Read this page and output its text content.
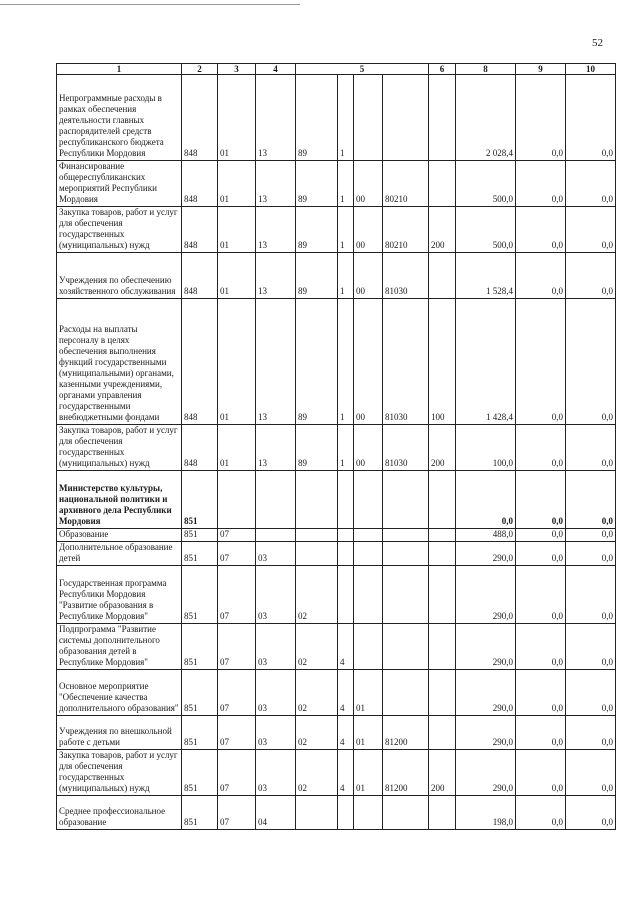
52
1	2	3	4	5				6	8	9	10
Непрограммные расходы в рамках обеспечения деятельности главных распорядителей средств республиканского бюджета Республики Мордовия	848	01	13	89	1				2 028,4	0,0	0,0
Финансирование общереспубликанских мероприятий Республики Мордовия	848	01	13	89	1	00	80210		500,0	0,0	0,0
Закупка товаров, работ и услуг для обеспечения государственных (муниципальных) нужд	848	01	13	89	1	00	80210	200	500,0	0,0	0,0
Учреждения по обеспечению хозяйственного обслуживания	848	01	13	89	1	00	81030		1 528,4	0,0	0,0
Расходы на выплаты персоналу в целях обеспечения выполнения функций государственными (муниципальными) органами, казенными учреждениями, органами управления государственными внебюджетными фондами	848	01	13	89	1	00	81030	100	1 428,4	0,0	0,0
Закупка товаров, работ и услуг для обеспечения государственных (муниципальных) нужд	848	01	13	89	1	00	81030	200	100,0	0,0	0,0
Министерство культуры, национальной политики и архивного дела Республики Мордовия	851								0,0	0,0	0,0
Образование	851	07							488,0	0,0	0,0
Дополнительное образование детей	851	07	03						290,0	0,0	0,0
Государственная программа Республики Мордовия "Развитие образования в Республике Мордовия"	851	07	03	02					290,0	0,0	0,0
Подпрограмма "Развитие системы дополнительного образования детей в Республике Мордовия"	851	07	03	02	4				290,0	0,0	0,0
Основное мероприятие "Обеспечение качества дополнительного образования"	851	07	03	02	4	01			290,0	0,0	0,0
Учреждения по внешкольной работе с детьми	851	07	03	02	4	01	81200		290,0	0,0	0,0
Закупка товаров, работ и услуг для обеспечения государственных (муниципальных) нужд	851	07	03	02	4	01	81200	200	290,0	0,0	0,0
Среднее профессиональное образование	851	07	04						198,0	0,0	0,0
